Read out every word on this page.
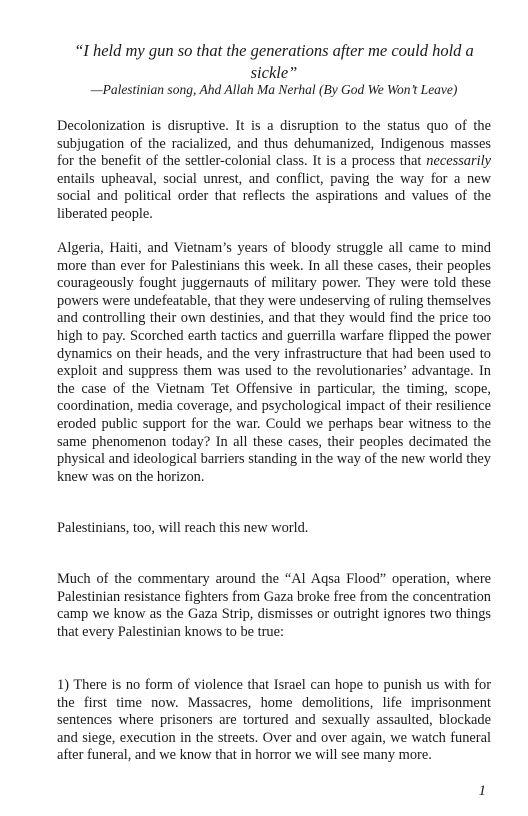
“I held my gun so that the generations after me could hold a sickle”

—Palestinian song, Ahd Allah Ma Nerhal (By God We Won’t Leave)

Decolonization is disruptive. It is a disruption to the status quo of the subjugation of the racialized, and thus dehumanized, Indigenous masses for the benefit of the settler-colonial class. It is a process that necessarily entails upheaval, social unrest, and conflict, paving the way for a new social and political order that reflects the aspirations and values of the liberated people.

Algeria, Haiti, and Vietnam’s years of bloody struggle all came to mind more than ever for Palestinians this week. In all these cases, their peoples courageously fought juggernauts of military power. They were told these powers were undefeatable, that they were undeserving of ruling themselves and controlling their own destinies, and that they would find the price too high to pay. Scorched earth tactics and guerrilla warfare flipped the power dynamics on their heads, and the very infrastructure that had been used to exploit and suppress them was used to the revolutionaries’ advantage. In the case of the Vietnam Tet Offensive in particular, the timing, scope, coordination, media coverage, and psychological impact of their resilience eroded public support for the war. Could we perhaps bear witness to the same phenomenon today? In all these cases, their peoples decimated the physical and ideological barriers standing in the way of the new world they knew was on the horizon.

Palestinians, too, will reach this new world.

Much of the commentary around the “Al Aqsa Flood” operation, where Palestinian resistance fighters from Gaza broke free from the concentration camp we know as the Gaza Strip, dismisses or outright ignores two things that every Palestinian knows to be true:

1) There is no form of violence that Israel can hope to punish us with for the first time now. Massacres, home demolitions, life imprisonment sentences where prisoners are tortured and sexually assaulted, blockade and siege, execution in the streets. Over and over again, we watch funeral after funeral, and we know that in horror we will see many more.

1
